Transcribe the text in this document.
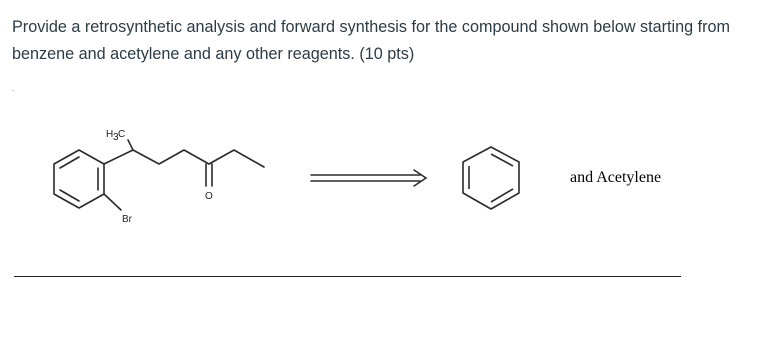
Provide a retrosynthetic analysis and forward synthesis for the compound shown below starting from benzene and acetylene and any other reagents. (10 pts)

H 3 C
Br
O
and Acetylene
